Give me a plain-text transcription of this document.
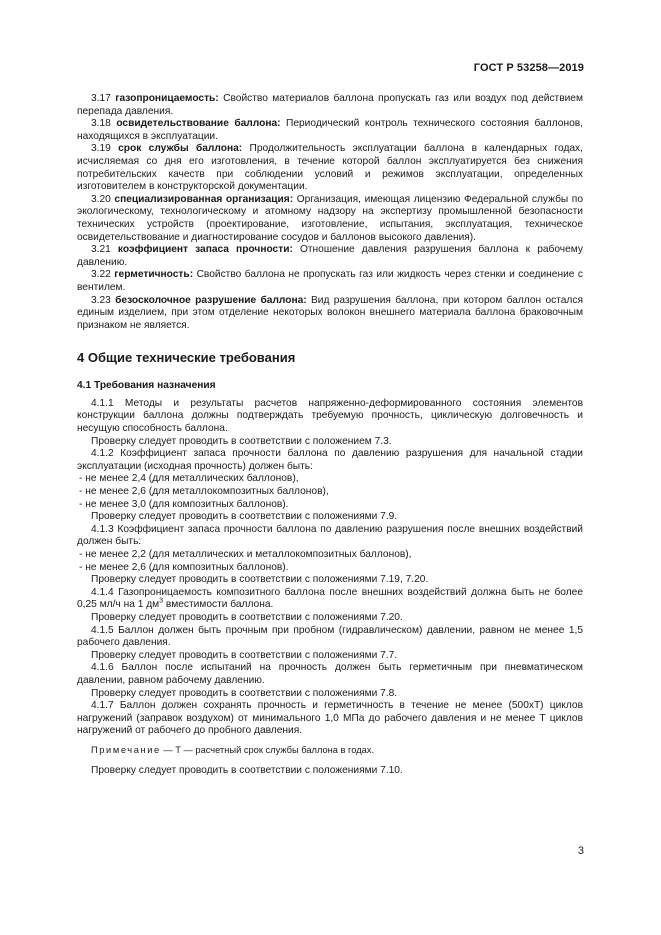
ГОСТ Р 53258—2019

3.17 газопроницаемость: Свойство материалов баллона пропускать газ или воздух под действием перепада давления.

3.18 освидетельствование баллона: Периодический контроль технического состояния баллонов, находящихся в эксплуатации.

3.19 срок службы баллона: Продолжительность эксплуатации баллона в календарных годах, исчисляемая со дня его изготовления, в течение которой баллон эксплуатируется без снижения потребительских качеств при соблюдении условий и режимов эксплуатации, определенных изготовителем в конструкторской документации.

3.20 специализированная организация: Организация, имеющая лицензию Федеральной службы по экологическому, технологическому и атомному надзору на экспертизу промышленной безопасности технических устройств (проектирование, изготовление, испытания, эксплуатация, техническое освидетельствование и диагностирование сосудов и баллонов высокого давления).

3.21 коэффициент запаса прочности: Отношение давления разрушения баллона к рабочему давлению.

3.22 герметичность: Свойство баллона не пропускать газ или жидкость через стенки и соединение с вентилем.

3.23 безосколочное разрушение баллона: Вид разрушения баллона, при котором баллон остался единым изделием, при этом отделение некоторых волокон внешнего материала баллона браковочным признаком не является.

4 Общие технические требования
4.1 Требования назначения

4.1.1 Методы и результаты расчетов напряженно-деформированного состояния элементов конструкции баллона должны подтверждать требуемую прочность, циклическую долговечность и несущую способность баллона.

Проверку следует проводить в соответствии с положением 7.3.

4.1.2 Коэффициент запаса прочности баллона по давлению разрушения для начальной стадии эксплуатации (исходная прочность) должен быть:

- не менее 2,4 (для металлических баллонов),

- не менее 2,6 (для металлокомпозитных баллонов),

- не менее 3,0 (для композитных баллонов).

Проверку следует проводить в соответствии с положениями 7.9.

4.1.3 Коэффициент запаса прочности баллона по давлению разрушения после внешних воздействий должен быть:

- не менее 2,2 (для металлических и металлокомпозитных баллонов),

- не менее 2,6 (для композитных баллонов).

Проверку следует проводить в соответствии с положениями 7.19, 7.20.

4.1.4 Газопроницаемость композитного баллона после внешних воздействий должна быть не более 0,25 мл/ч на 1 $дм^3$ вместимости баллона.

Проверку следует проводить в соответствии с положениями 7.20.

4.1.5 Баллон должен быть прочным при пробном (гидравлическом) давлении, равном не менее 1,5 рабочего давления.

Проверку следует проводить в соответствии с положениями 7.7.

4.1.6 Баллон после испытаний на прочность должен быть герметичным при пневматическом давлении, равном рабочему давлению.

Проверку следует проводить в соответствии с положениями 7.8.

4.1.7 Баллон должен сохранять прочность и герметичность в течение не менее (500хТ) циклов нагружений (заправок воздухом) от минимального 1,0 МПа до рабочего давления и не менее Т циклов нагружений от рабочего до пробного давления.

Примечание — Т — расчетный срок службы баллона в годах.

Проверку следует проводить в соответствии с положениями 7.10.

3
